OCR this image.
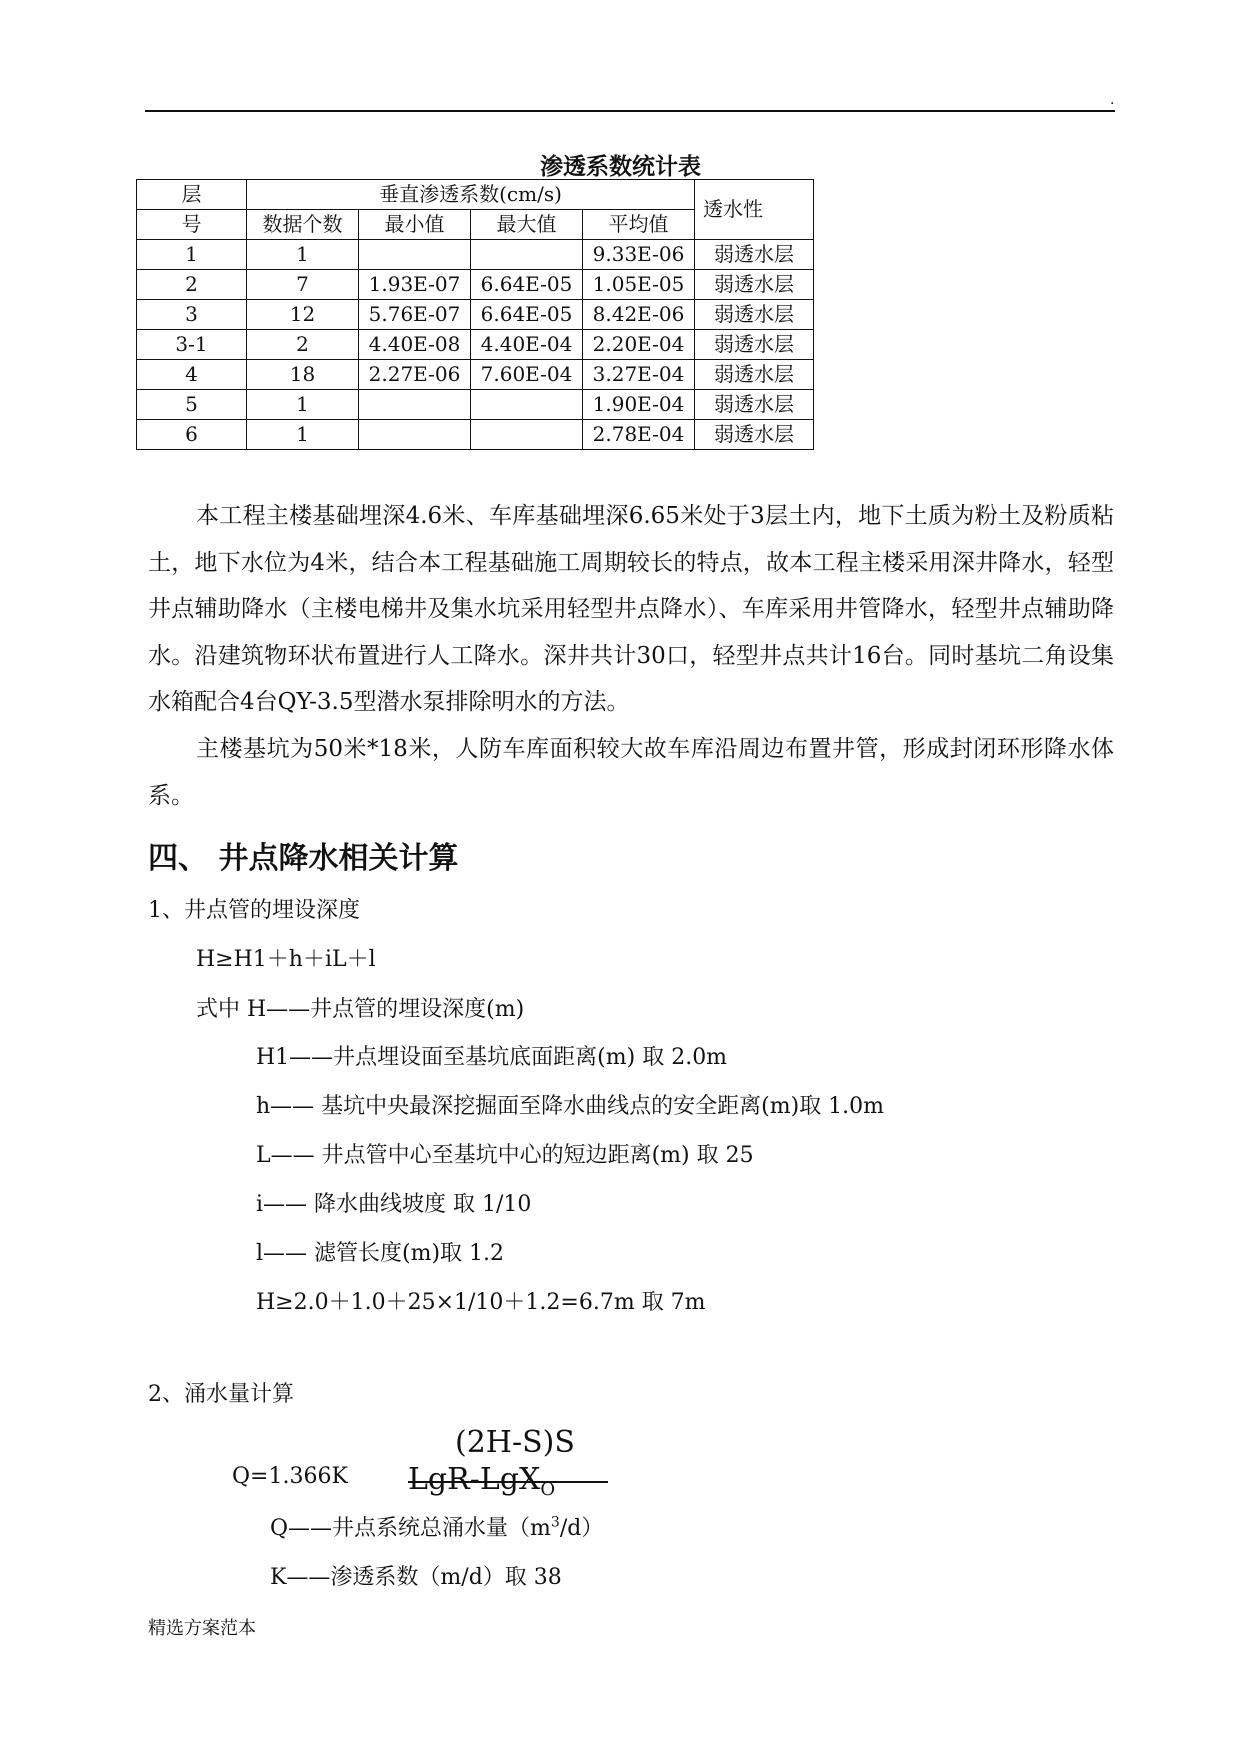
.
渗透系数统计表
层	垂直渗透系数(cm/s)				透水性
号	数据个数	最小值	最大值	平均值	
1	1			9.33E-06	弱透水层
2	7	1.93E-07	6.64E-05	1.05E-05	弱透水层
3	12	5.76E-07	6.64E-05	8.42E-06	弱透水层
3-1	2	4.40E-08	4.40E-04	2.20E-04	弱透水层
4	18	2.27E-06	7.60E-04	3.27E-04	弱透水层
5	1			1.90E-04	弱透水层
6	1			2.78E-04	弱透水层

本工程主楼基础埋深4.6米、车库基础埋深6.65米处于3层土内，地下土质为粉土及粉质粘土，地下水位为4米，结合本工程基础施工周期较长的特点，故本工程主楼采用深井降水，轻型井点辅助降水（主楼电梯井及集水坑采用轻型井点降水）、车库采用井管降水，轻型井点辅助降水。沿建筑物环状布置进行人工降水。深井共计30口，轻型井点共计16台。同时基坑二角设集水箱配合4台QY-3.5型潜水泵排除明水的方法。

主楼基坑为50米*18米，人防车库面积较大故车库沿周边布置井管，形成封闭环形降水体系。

四、 井点降水相关计算
1、井点管的埋设深度
H≥H1＋h＋iL＋l
式中 H——井点管的埋设深度(m)
H1——井点埋设面至基坑底面距离(m) 取 2.0m
h—— 基坑中央最深挖掘面至降水曲线点的安全距离(m)取 1.0m
L—— 井点管中心至基坑中心的短边距离(m) 取 25
i—— 降水曲线坡度 取 1/10
l—— 滤管长度(m)取 1.2
H≥2.0＋1.0＋25×1/10＋1.2=6.7m 取 7m
2、涌水量计算
(2H-S)S
Q=1.366K LgR-LgX$_O$
Q——井点系统总涌水量$(m^3/d)$
K——渗透系数（m/d）取 38
精选方案范本
